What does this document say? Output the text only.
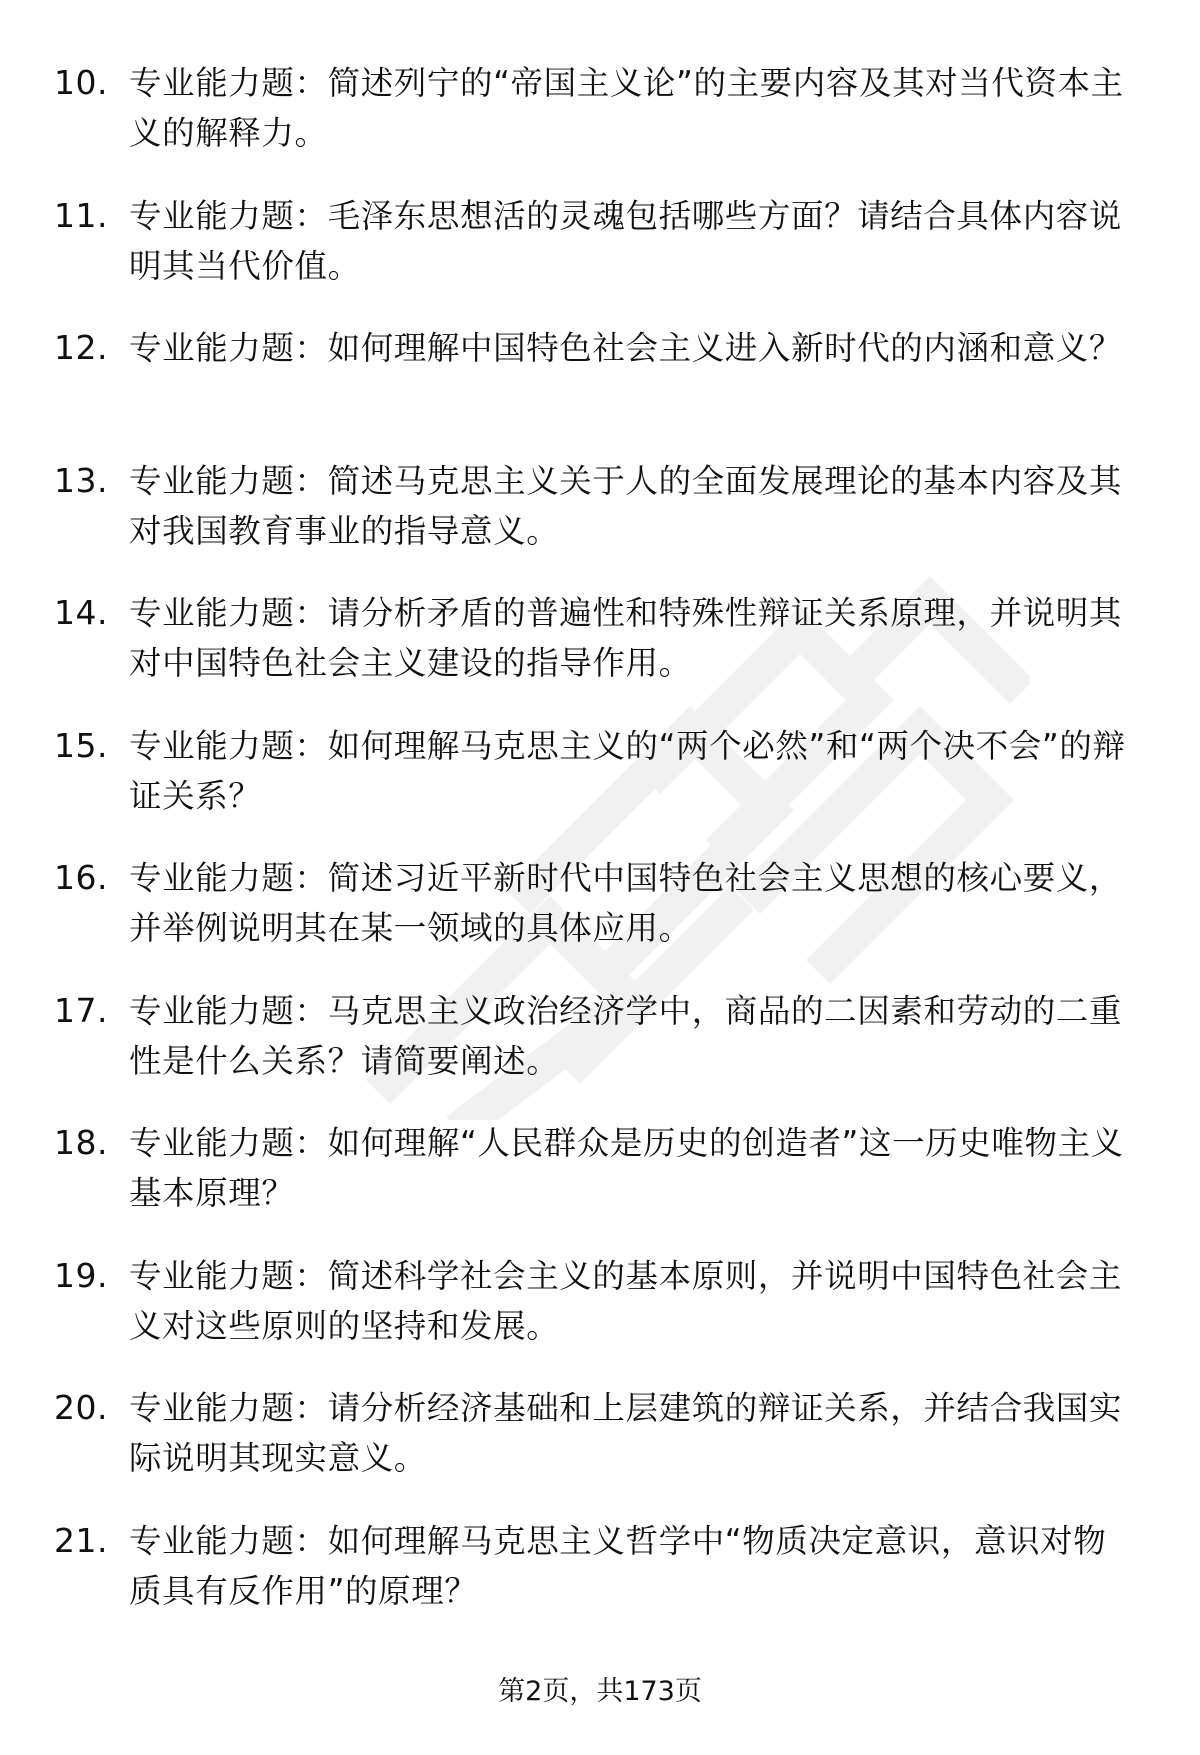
10. 专业能力题：简述列宁的“帝国主义论”的主要内容及其对当代资本主义的解释力。
11. 专业能力题：毛泽东思想活的灵魂包括哪些方面？请结合具体内容说明其当代价值。
12. 专业能力题：如何理解中国特色社会主义进入新时代的内涵和意义？
13. 专业能力题：简述马克思主义关于人的全面发展理论的基本内容及其对我国教育事业的指导意义。
14. 专业能力题：请分析矛盾的普遍性和特殊性辩证关系原理，并说明其对中国特色社会主义建设的指导作用。
15. 专业能力题：如何理解马克思主义的“两个必然”和“两个决不会”的辩证关系？
16. 专业能力题：简述习近平新时代中国特色社会主义思想的核心要义，并举例说明其在某一领域的具体应用。
17. 专业能力题：马克思主义政治经济学中，商品的二因素和劳动的二重性是什么关系？请简要阐述。
18. 专业能力题：如何理解“人民群众是历史的创造者”这一历史唯物主义基本原理？
19. 专业能力题：简述科学社会主义的基本原则，并说明中国特色社会主义对这些原则的坚持和发展。
20. 专业能力题：请分析经济基础和上层建筑的辩证关系，并结合我国实际说明其现实意义。
21. 专业能力题：如何理解马克思主义哲学中“物质决定意识，意识对物质具有反作用”的原理？
第2页，共173页
